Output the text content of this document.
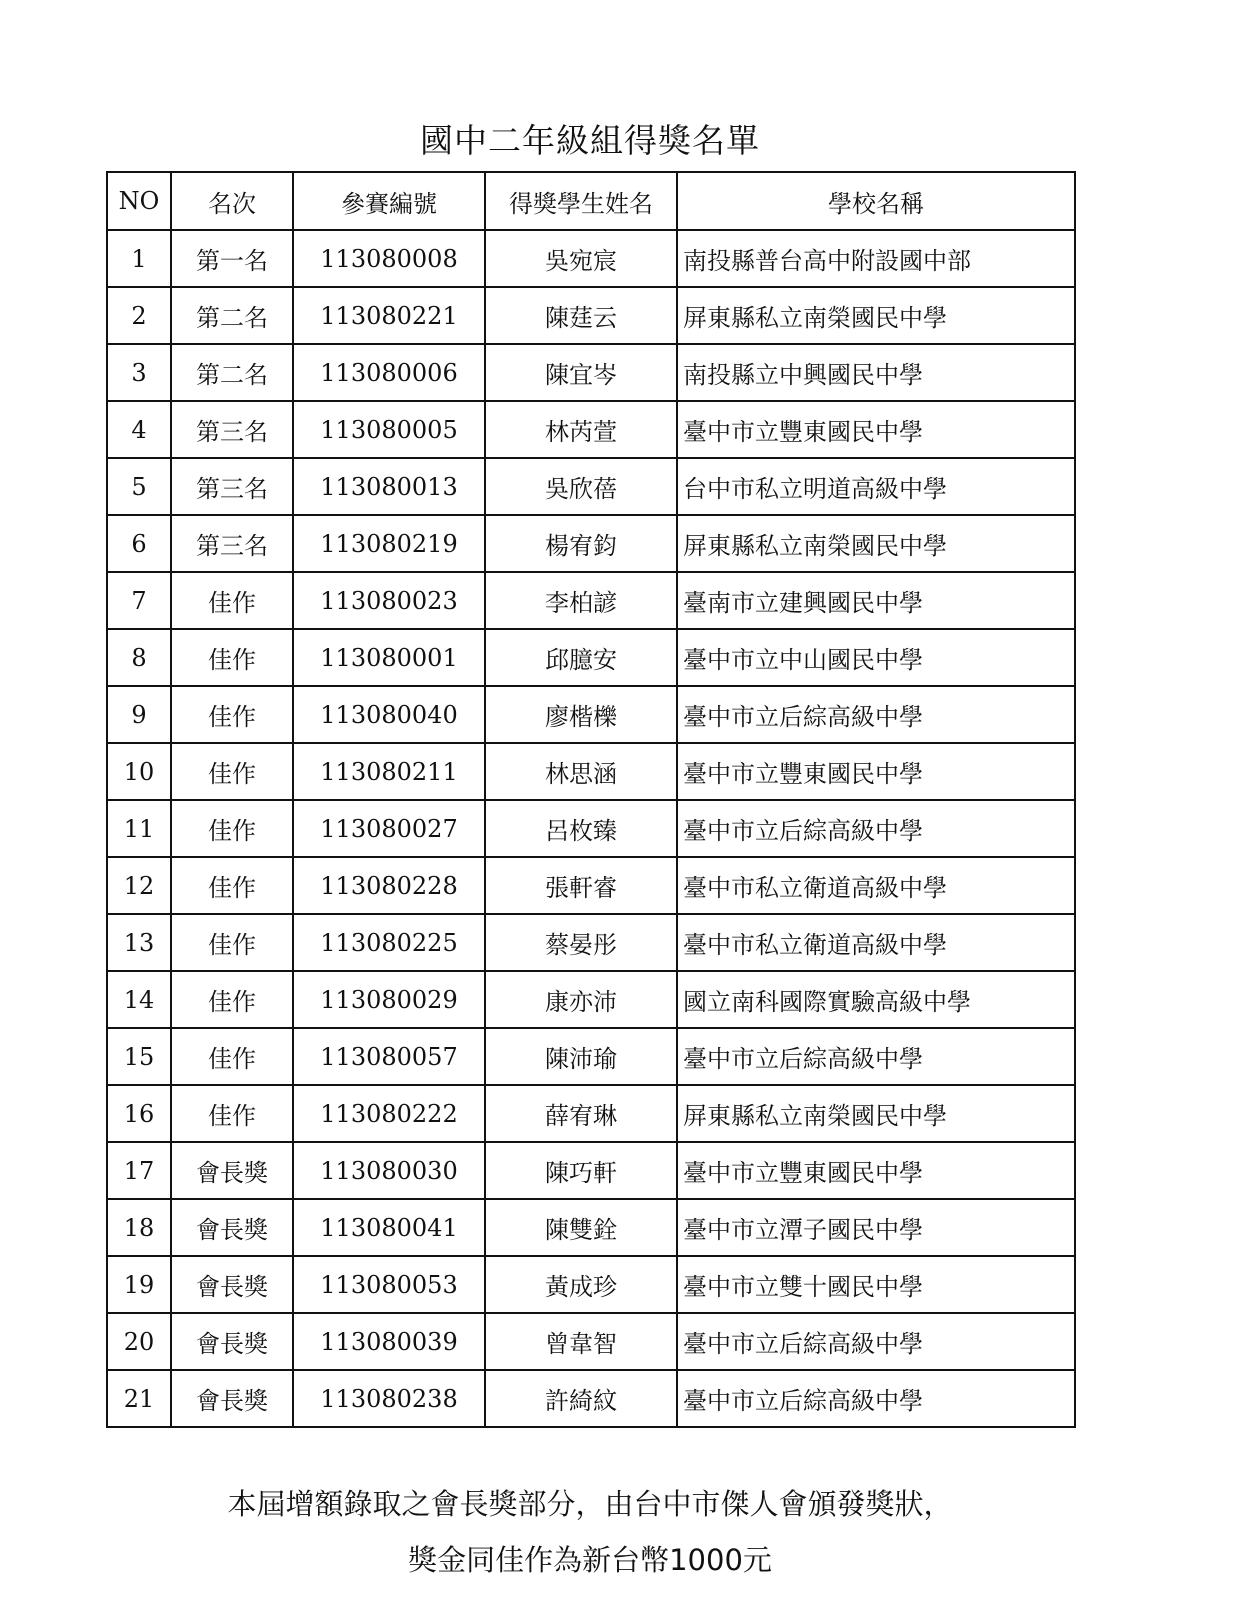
國中二年級組得獎名單
NO	名次	參賽編號	得獎學生姓名	學校名稱
1	第一名	113080008	吳宛宸	南投縣普台高中附設國中部
2	第二名	113080221	陳莛云	屏東縣私立南榮國民中學
3	第二名	113080006	陳宜岑	南投縣立中興國民中學
4	第三名	113080005	林芮萱	臺中市立豐東國民中學
5	第三名	113080013	吳欣蓓	台中市私立明道高級中學
6	第三名	113080219	楊宥鈞	屏東縣私立南榮國民中學
7	佳作	113080023	李柏諺	臺南市立建興國民中學
8	佳作	113080001	邱臆安	臺中市立中山國民中學
9	佳作	113080040	廖楷櫟	臺中市立后綜高級中學
10	佳作	113080211	林思涵	臺中市立豐東國民中學
11	佳作	113080027	呂枚臻	臺中市立后綜高級中學
12	佳作	113080228	張軒睿	臺中市私立衛道高級中學
13	佳作	113080225	蔡晏彤	臺中市私立衛道高級中學
14	佳作	113080029	康亦沛	國立南科國際實驗高級中學
15	佳作	113080057	陳沛瑜	臺中市立后綜高級中學
16	佳作	113080222	薛宥琳	屏東縣私立南榮國民中學
17	會長獎	113080030	陳巧軒	臺中市立豐東國民中學
18	會長獎	113080041	陳雙銓	臺中市立潭子國民中學
19	會長獎	113080053	黃成珍	臺中市立雙十國民中學
20	會長獎	113080039	曾韋智	臺中市立后綜高級中學
21	會長獎	113080238	許綺紋	臺中市立后綜高級中學
本屆增額錄取之會長獎部分，由台中市傑人會頒發獎狀，
獎金同佳作為新台幣1000元
